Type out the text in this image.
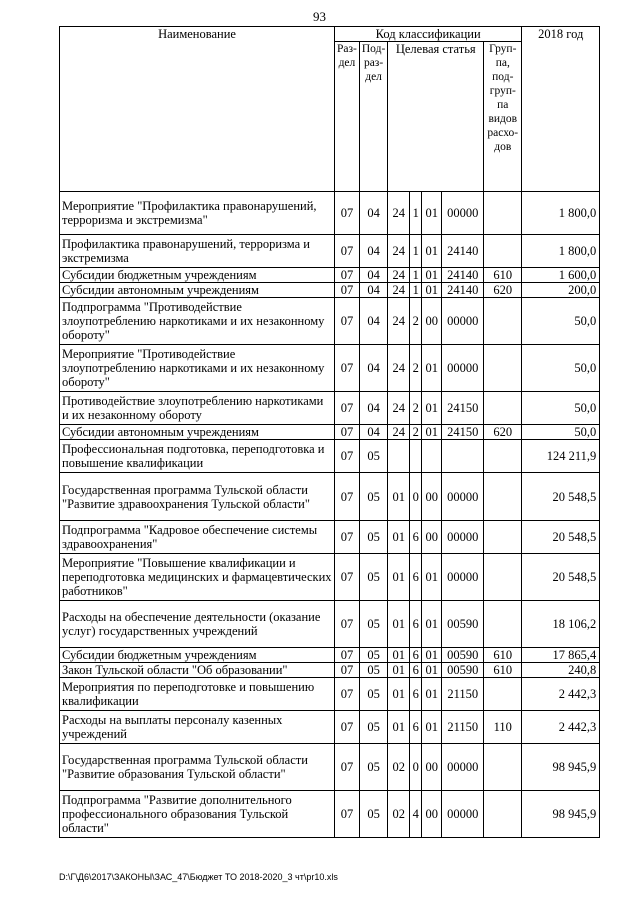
93
Наименование	Код классификации							2018 год
	Раз-дел	Под-раз-дел	Целевая статья				Груп-па, под-груп-па видов расхо-дов	
Мероприятие "Профилактика правонарушений, терроризма и экстремизма"	07	04	24	1	01	00000		1 800,0
Профилактика правонарушений, терроризма и экстремизма	07	04	24	1	01	24140		1 800,0
Субсидии бюджетным учреждениям	07	04	24	1	01	24140	610	1 600,0
Субсидии автономным учреждениям	07	04	24	1	01	24140	620	200,0
Подпрограмма "Противодействие злоупотреблению наркотиками и их незаконному обороту"	07	04	24	2	00	00000		50,0
Мероприятие "Противодействие злоупотреблению наркотиками и их незаконному обороту"	07	04	24	2	01	00000		50,0
Противодействие злоупотреблению наркотиками и их незаконному обороту	07	04	24	2	01	24150		50,0
Субсидии автономным учреждениям	07	04	24	2	01	24150	620	50,0
Профессиональная подготовка, переподготовка и повышение квалификации	07	05						124 211,9
Государственная программа Тульской области "Развитие здравоохранения Тульской области"	07	05	01	0	00	00000		20 548,5
Подпрограмма "Кадровое обеспечение системы здравоохранения"	07	05	01	6	00	00000		20 548,5
Мероприятие "Повышение квалификации и переподготовка медицинских и фармацевтических работников"	07	05	01	6	01	00000		20 548,5
Расходы на обеспечение деятельности (оказание услуг) государственных учреждений	07	05	01	6	01	00590		18 106,2
Субсидии бюджетным учреждениям	07	05	01	6	01	00590	610	17 865,4
Закон Тульской области "Об образовании"	07	05	01	6	01	00590	610	240,8
Мероприятия по переподготовке и повышению квалификации	07	05	01	6	01	21150		2 442,3
Расходы на выплаты персоналу казенных учреждений	07	05	01	6	01	21150	110	2 442,3
Государственная программа Тульской области "Развитие образования Тульской области"	07	05	02	0	00	00000		98 945,9
Подпрограмма "Развитие дополнительного профессионального образования Тульской области"	07	05	02	4	00	00000		98 945,9
D:\Г\Д6\2017\ЗАКОНЫ\ЗАС_47\Бюджет ТО 2018-2020_3 чт\pr10.xls
